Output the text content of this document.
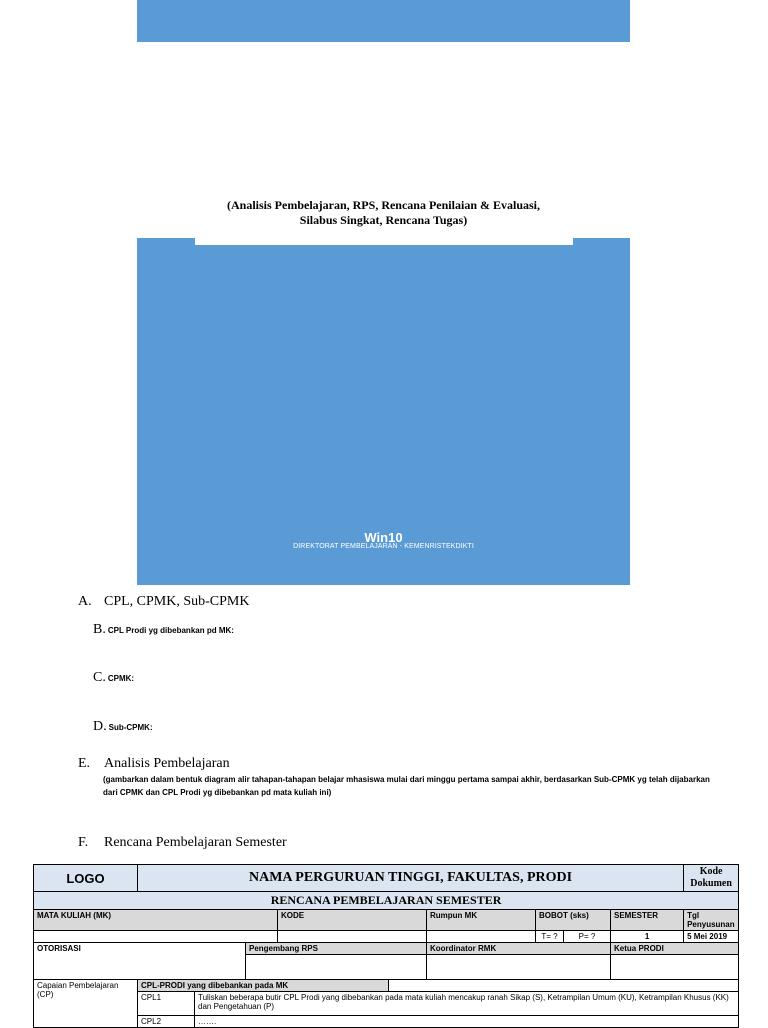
(Analisis Pembelajaran, RPS, Rencana Penilaian & Evaluasi,
Silabus Singkat, Rencana Tugas)
Win10
DIREKTORAT PEMBELAJARAN - KEMENRISTEKDIKTI
A. CPL, CPMK, Sub-CPMK
B. CPL Prodi yg dibebankan pd MK:
C. CPMK:
D. Sub-CPMK:
E. Analisis Pembelajaran
(gambarkan dalam bentuk diagram alir tahapan-tahapan belajar mhasiswa mulai dari minggu pertama sampai akhir, berdasarkan Sub-CPMK yg telah dijabarkan dari CPMK dan CPL Prodi yg dibebankan pd mata kuliah ini)
F. Rencana Pembelajaran Semester
LOGO	NAMA PERGURUAN TINGGI, FAKULTAS, PRODI									Kode Dokumen
RENCANA PEMBELAJARAN SEMESTER										
MATA KULIAH (MK)				KODE		Rumpun MK	BOBOT (sks)		SEMESTER	Tgl Penyusunan
							T= ?	P= ?	1	5 Mei 2019
OTORISASI			Pengembang RPS			Koordinator RMK			Ketua PRODI	

Capaian Pembelajaran (CP)	CPL-PRODI yang dibebankan pada MK									
	CPL1	Tuliskan beberapa butir CPL Prodi yang dibebankan pada mata kuliah mencakup ranah Sikap (S), Ketrampilan Umum (KU), Ketrampilan Khusus (KK) dan Pengetahuan (P)								
	CPL2	…….								
